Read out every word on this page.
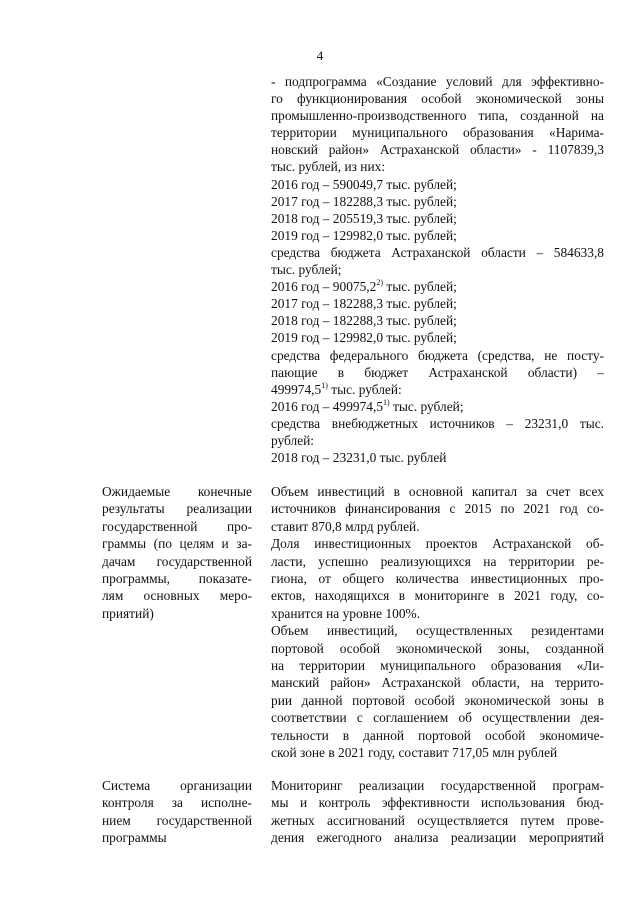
4
- подпрограмма «Создание условий для эффективно-
го функционирования особой экономической зоны
промышленно-производственного типа, созданной на
территории муниципального образования «Нарима-
новский район» Астраханской области» - 1107839,3
тыс. рублей, из них:
2016 год – 590049,7 тыс. рублей;
2017 год – 182288,3 тыс. рублей;
2018 год – 205519,3 тыс. рублей;
2019 год – 129982,0 тыс. рублей;
средства бюджета Астраханской области – 584633,8
тыс. рублей;
2016 год – 90075,2$^{2)}$ тыс. рублей;
2017 год – 182288,3 тыс. рублей;
2018 год – 182288,3 тыс. рублей;
2019 год – 129982,0 тыс. рублей;
средства федерального бюджета (средства, не посту-
пающие в бюджет Астраханской области) –
499974,5$^{1)}$ тыс. рублей:
2016 год – 499974,5$^{1)}$ тыс. рублей;
средства внебюджетных источников – 23231,0 тыс.
рублей:
2018 год – 23231,0 тыс. рублей
Ожидаемые конечные
результаты реализации
государственной про-
граммы (по целям и за-
дачам государственной
программы, показате-
лям основных меро-
приятий)
Объем инвестиций в основной капитал за счет всех
источников финансирования с 2015 по 2021 год со-
ставит 870,8 млрд рублей.
Доля инвестиционных проектов Астраханской об-
ласти, успешно реализующихся на территории ре-
гиона, от общего количества инвестиционных про-
ектов, находящихся в мониторинге в 2021 году, со-
хранится на уровне 100%.
Объем инвестиций, осуществленных резидентами
портовой особой экономической зоны, созданной
на территории муниципального образования «Ли-
манский район» Астраханской области, на террито-
рии данной портовой особой экономической зоны в
соответствии с соглашением об осуществлении дея-
тельности в данной портовой особой экономиче-
ской зоне в 2021 году, составит 717,05 млн рублей
Система организации
контроля за исполне-
нием государственной
программы
Мониторинг реализации государственной програм-
мы и контроль эффективности использования бюд-
жетных ассигнований осуществляется путем прове-
дения ежегодного анализа реализации мероприятий
